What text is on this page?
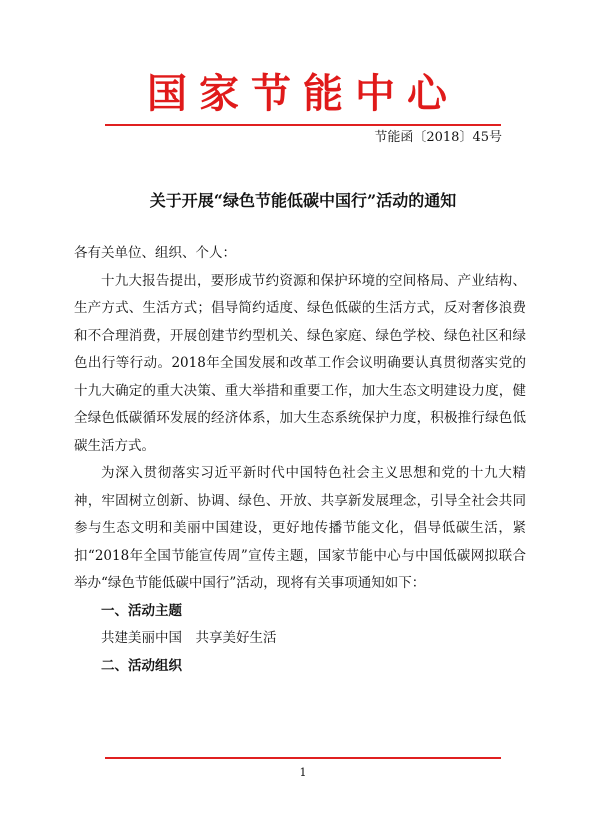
国家节能中心
节能函〔2018〕45号
关于开展“绿色节能低碳中国行”活动的通知

各有关单位、组织、个人：

十九大报告提出，要形成节约资源和保护环境的空间格局、产业结构、生产方式、生活方式；倡导简约适度、绿色低碳的生活方式，反对奢侈浪费和不合理消费，开展创建节约型机关、绿色家庭、绿色学校、绿色社区和绿色出行等行动。2018年全国发展和改革工作会议明确要认真贯彻落实党的十九大确定的重大决策、重大举措和重要工作，加大生态文明建设力度，健全绿色低碳循环发展的经济体系，加大生态系统保护力度，积极推行绿色低碳生活方式。

为深入贯彻落实习近平新时代中国特色社会主义思想和党的十九大精神，牢固树立创新、协调、绿色、开放、共享新发展理念，引导全社会共同参与生态文明和美丽中国建设，更好地传播节能文化，倡导低碳生活，紧扣“2018年全国节能宣传周”宣传主题，国家节能中心与中国低碳网拟联合举办“绿色节能低碳中国行”活动，现将有关事项通知如下：

一、活动主题

共建美丽中国　共享美好生活

二、活动组织

1
